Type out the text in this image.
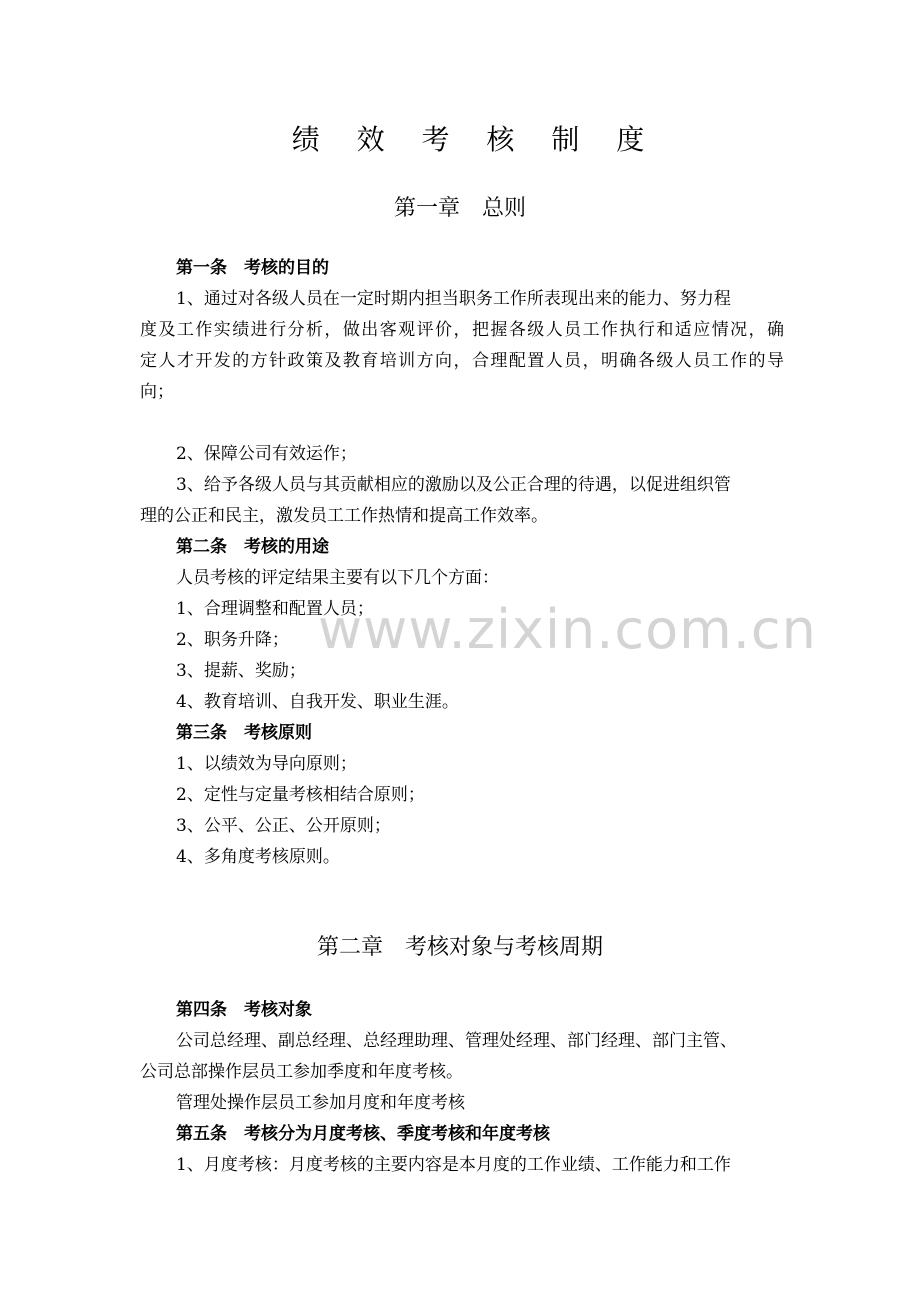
绩 效 考 核 制 度
第一章　总则
第一条　考核的目的
1、通过对各级人员在一定时期内担当职务工作所表现出来的能力、努力程
度及工作实绩进行分析，做出客观评价，把握各级人员工作执行和适应情况，确
定人才开发的方针政策及教育培训方向，合理配置人员，明确各级人员工作的导
向；
2、保障公司有效运作；
3、给予各级人员与其贡献相应的激励以及公正合理的待遇，以促进组织管
理的公正和民主，激发员工工作热情和提高工作效率。
第二条　考核的用途
人员考核的评定结果主要有以下几个方面：
1、合理调整和配置人员；
2、职务升降；
3、提薪、奖励；
4、教育培训、自我开发、职业生涯。
第三条　考核原则
1、以绩效为导向原则；
2、定性与定量考核相结合原则；
3、公平、公正、公开原则；
4、多角度考核原则。
第二章　考核对象与考核周期
第四条　考核对象
公司总经理、副总经理、总经理助理、管理处经理、部门经理、部门主管、
公司总部操作层员工参加季度和年度考核。
管理处操作层员工参加月度和年度考核
第五条　考核分为月度考核、季度考核和年度考核
1、月度考核：月度考核的主要内容是本月度的工作业绩、工作能力和工作
www.zixin.com.cn
